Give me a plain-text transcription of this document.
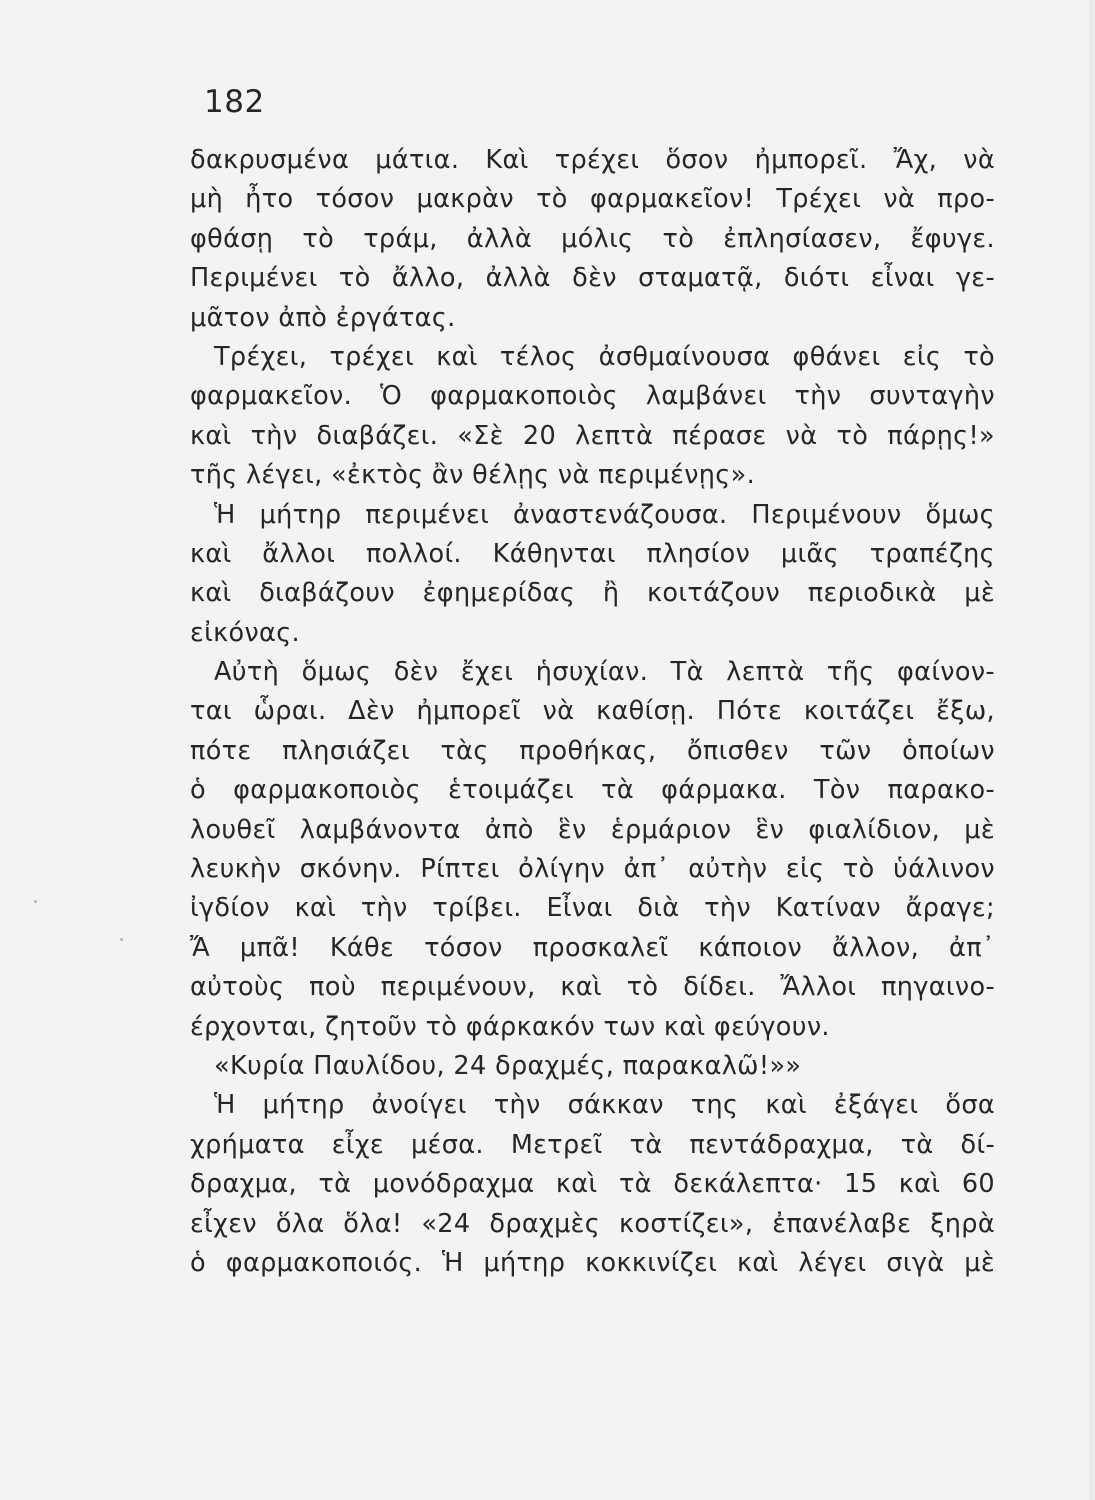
182
δακρυσμένα μάτια. Καὶ τρέχει ὅσον ἠμπορεῖ. Ἄχ, νὰ
μὴ ἦτο τόσον μακρὰν τὸ φαρμακεῖον! Τρέχει νὰ προ-
φθάσῃ τὸ τράμ, ἀλλὰ μόλις τὸ ἐπλησίασεν, ἔφυγε.
Περιμένει τὸ ἄλλο, ἀλλὰ δὲν σταματᾷ, διότι εἶναι γε-
μᾶτον ἀπὸ ἐργάτας.
Τρέχει, τρέχει καὶ τέλος ἀσθμαίνουσα φθάνει εἰς τὸ
φαρμακεῖον. Ὁ φαρμακοποιὸς λαμβάνει τὴν συνταγὴν
καὶ τὴν διαβάζει. «Σὲ 20 λεπτὰ πέρασε νὰ τὸ πάρῃς!»
τῆς λέγει, «ἐκτὸς ἂν θέλῃς νὰ περιμένῃς».
Ἡ μήτηρ περιμένει ἀναστενάζουσα. Περιμένουν ὅμως
καὶ ἄλλοι πολλοί. Κάθηνται πλησίον μιᾶς τραπέζης
καὶ διαβάζουν ἐφημερίδας ἢ κοιτάζουν περιοδικὰ μὲ
εἰκόνας.
Αὐτὴ ὅμως δὲν ἔχει ἡσυχίαν. Τὰ λεπτὰ τῆς φαίνον-
ται ὧραι. Δὲν ἠμπορεῖ νὰ καθίσῃ. Πότε κοιτάζει ἔξω,
πότε πλησιάζει τὰς προθήκας, ὄπισθεν τῶν ὁποίων
ὁ φαρμακοποιὸς ἑτοιμάζει τὰ φάρμακα. Τὸν παρακο-
λουθεῖ λαμβάνοντα ἀπὸ ἓν ἑρμάριον ἓν φιαλίδιον, μὲ
λευκὴν σκόνην. Ρίπτει ὀλίγην ἀπ᾽ αὐτὴν εἰς τὸ ὑάλινον
ἰγδίον καὶ τὴν τρίβει. Εἶναι διὰ τὴν Κατίναν ἄραγε;
Ἄ μπᾶ! Κάθε τόσον προσκαλεῖ κάποιον ἄλλον, ἀπ᾽
αὐτοὺς ποὺ περιμένουν, καὶ τὸ δίδει. Ἄλλοι πηγαινο-
έρχονται, ζητοῦν τὸ φάρκακόν των καὶ φεύγουν.
«Κυρία Παυλίδου, 24 δραχμές, παρακαλῶ!»»
Ἡ μήτηρ ἀνοίγει τὴν σάκκαν της καὶ ἐξάγει ὅσα
χρήματα εἶχε μέσα. Μετρεῖ τὰ πεντάδραχμα, τὰ δί-
δραχμα, τὰ μονόδραχμα καὶ τὰ δεκάλεπτα· 15 καὶ 60
εἶχεν ὅλα ὅλα! «24 δραχμὲς κοστίζει», ἐπανέλαβε ξηρὰ
ὁ φαρμακοποιός. Ἡ μήτηρ κοκκινίζει καὶ λέγει σιγὰ μὲ
